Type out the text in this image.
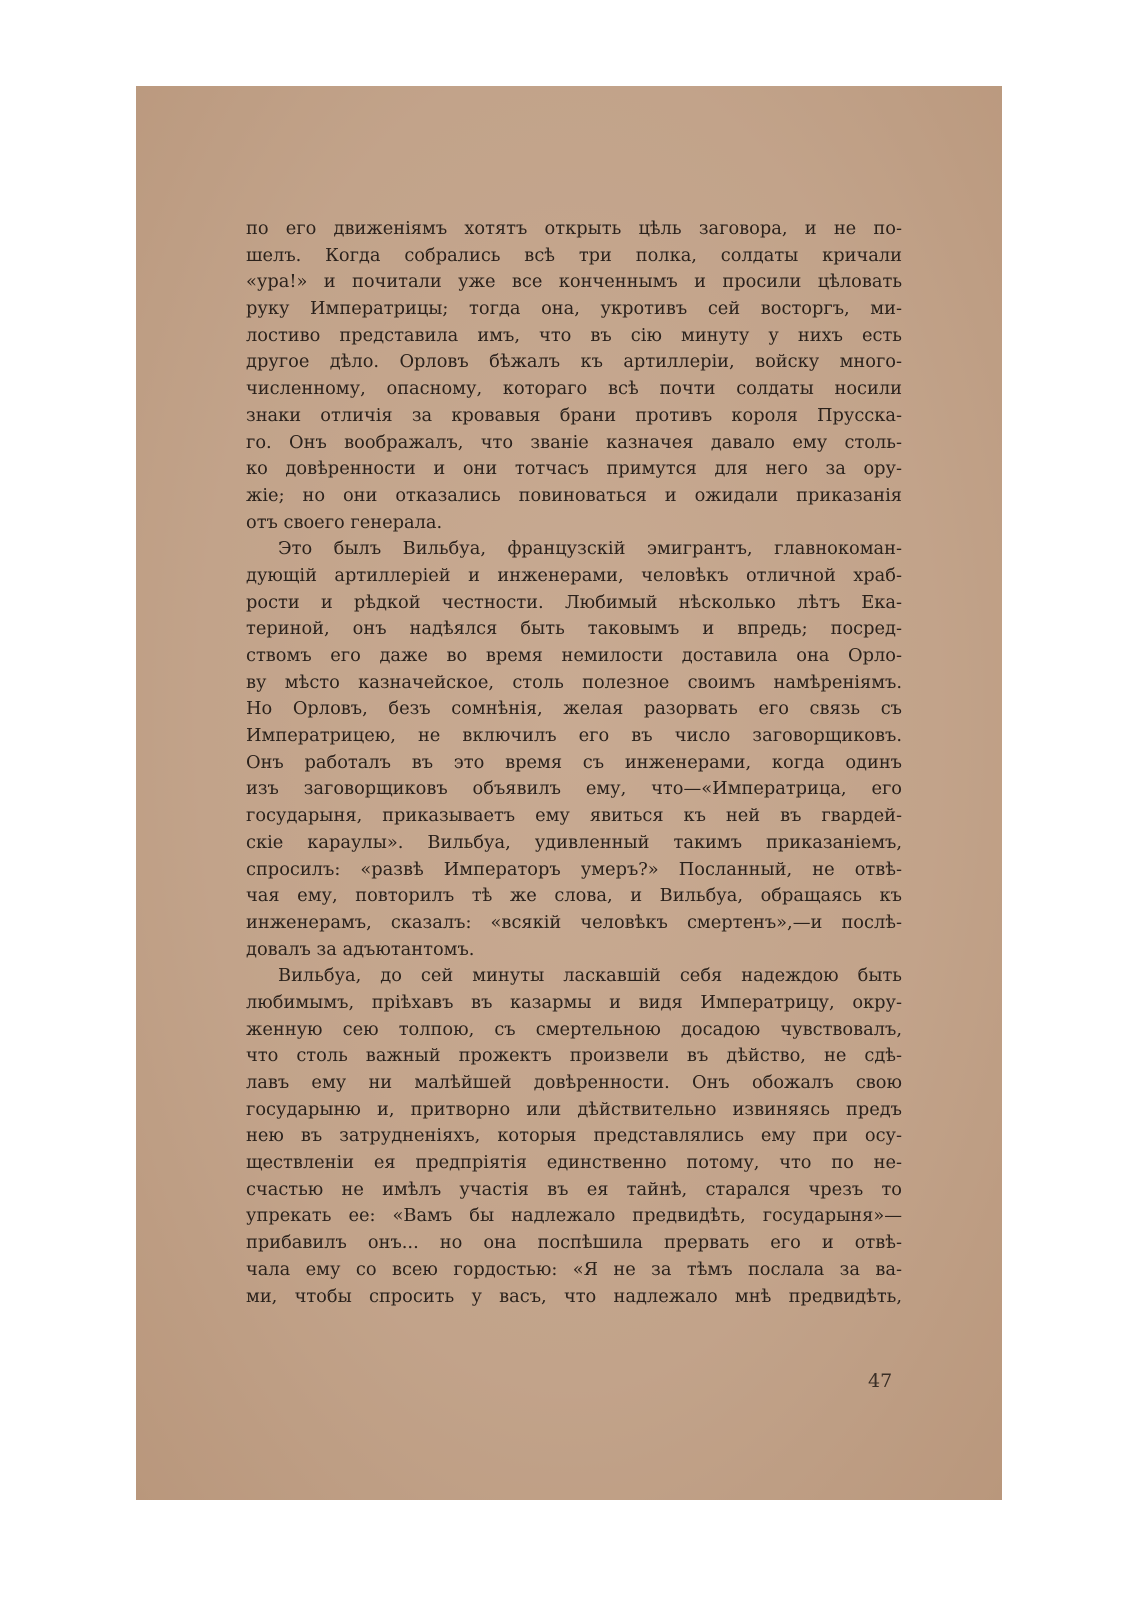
по его движеніямъ хотятъ открыть цѣль заговора, и не по-
шелъ. Когда собрались всѣ три полка, солдаты кричали
«ура!» и почитали уже все конченнымъ и просили цѣловать
руку Императрицы; тогда она, укротивъ сей восторгъ, ми-
лостиво представила имъ, что въ сію минуту у нихъ есть
другое дѣло. Орловъ бѣжалъ къ артиллеріи, войску много-
численному, опасному, котораго всѣ почти солдаты носили
знаки отличія за кровавыя брани противъ короля Прусска-
го. Онъ воображалъ, что званіе казначея давало ему столь-
ко довѣренности и они тотчасъ примутся для него за ору-
жіе; но они отказались повиноваться и ожидали приказанія
отъ своего генерала.
Это былъ Вильбуа, французскій эмигрантъ, главнокоман-
дующій артиллеріей и инженерами, человѣкъ отличной храб-
рости и рѣдкой честности. Любимый нѣсколько лѣтъ Ека-
териной, онъ надѣялся быть таковымъ и впредь; посред-
ствомъ его даже во время немилости доставила она Орло-
ву мѣсто казначейское, столь полезное своимъ намѣреніямъ.
Но Орловъ, безъ сомнѣнія, желая разорвать его связь съ
Императрицею, не включилъ его въ число заговорщиковъ.
Онъ работалъ въ это время съ инженерами, когда одинъ
изъ заговорщиковъ объявилъ ему, что—«Императрица, его
государыня, приказываетъ ему явиться къ ней въ гвардей-
скіе караулы». Вильбуа, удивленный такимъ приказаніемъ,
спросилъ: «развѣ Императоръ умеръ?» Посланный, не отвѣ-
чая ему, повторилъ тѣ же слова, и Вильбуа, обращаясь къ
инженерамъ, сказалъ: «всякій человѣкъ смертенъ»,—и послѣ-
довалъ за адъютантомъ.
Вильбуа, до сей минуты ласкавшій себя надеждою быть
любимымъ, пріѣхавъ въ казармы и видя Императрицу, окру-
женную сею толпою, съ смертельною досадою чувствовалъ,
что столь важный прожектъ произвели въ дѣйство, не сдѣ-
лавъ ему ни малѣйшей довѣренности. Онъ обожалъ свою
государыню и, притворно или дѣйствительно извиняясь предъ
нею въ затрудненіяхъ, которыя представлялись ему при осу-
ществленіи ея предпріятія единственно потому, что по не-
счастью не имѣлъ участія въ ея тайнѣ, старался чрезъ то
упрекать ее: «Вамъ бы надлежало предвидѣть, государыня»—
прибавилъ онъ... но она поспѣшила прервать его и отвѣ-
чала ему со всею гордостью: «Я не за тѣмъ послала за ва-
ми, чтобы спросить у васъ, что надлежало мнѣ предвидѣть,
47
